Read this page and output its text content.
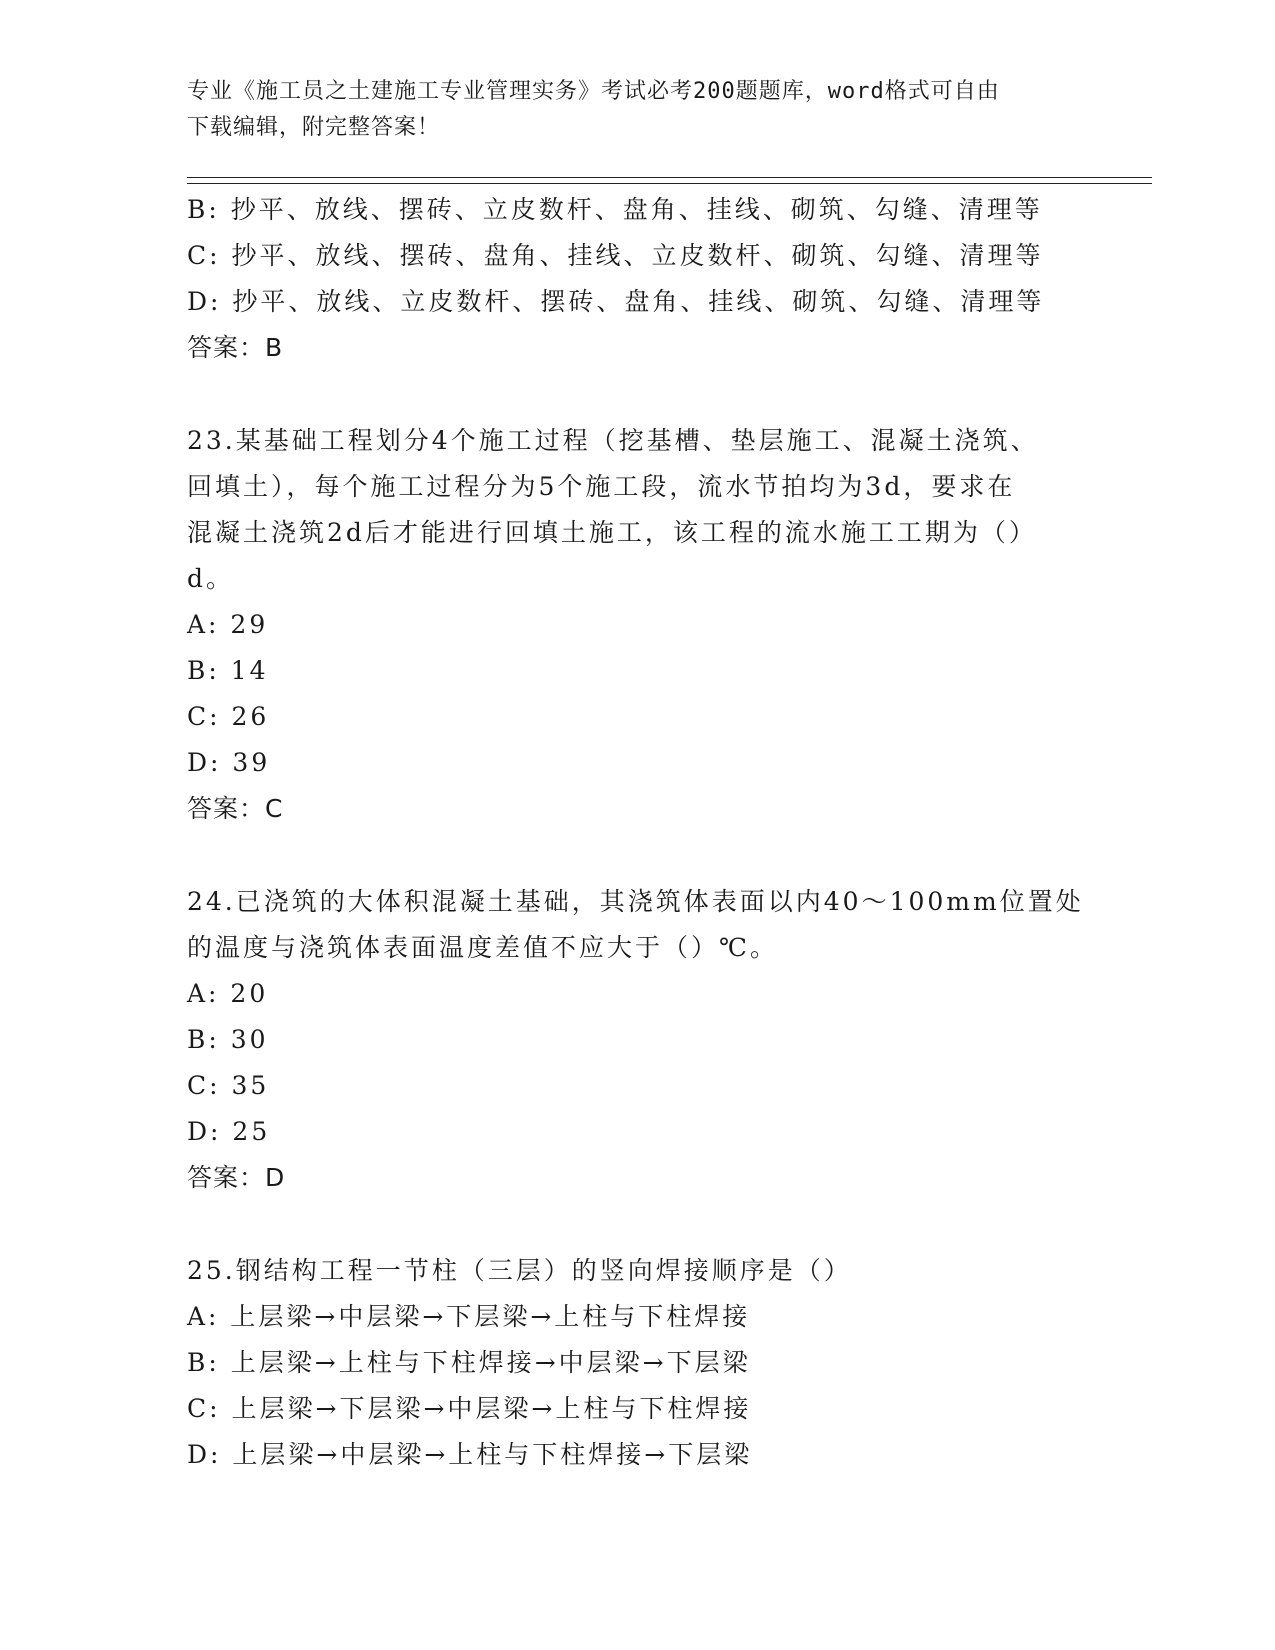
专业《施工员之土建施工专业管理实务》考试必考200题题库，word格式可自由
下载编辑，附完整答案！
B: 抄平、放线、摆砖、立皮数杆、盘角、挂线、砌筑、勾缝、清理等
C: 抄平、放线、摆砖、盘角、挂线、立皮数杆、砌筑、勾缝、清理等
D: 抄平、放线、立皮数杆、摆砖、盘角、挂线、砌筑、勾缝、清理等
答案：B
23.某基础工程划分4个施工过程（挖基槽、垫层施工、混凝土浇筑、
回填土），每个施工过程分为5个施工段，流水节拍均为3d，要求在
混凝土浇筑2d后才能进行回填土施工，该工程的流水施工工期为（）
d。
A: 29
B: 14
C: 26
D: 39
答案：C
24.已浇筑的大体积混凝土基础，其浇筑体表面以内40～100mm位置处
的温度与浇筑体表面温度差值不应大于（）℃。
A: 20
B: 30
C: 35
D: 25
答案：D
25.钢结构工程一节柱（三层）的竖向焊接顺序是（）
A: 上层梁→中层梁→下层梁→上柱与下柱焊接
B: 上层梁→上柱与下柱焊接→中层梁→下层梁
C: 上层梁→下层梁→中层梁→上柱与下柱焊接
D: 上层梁→中层梁→上柱与下柱焊接→下层梁
